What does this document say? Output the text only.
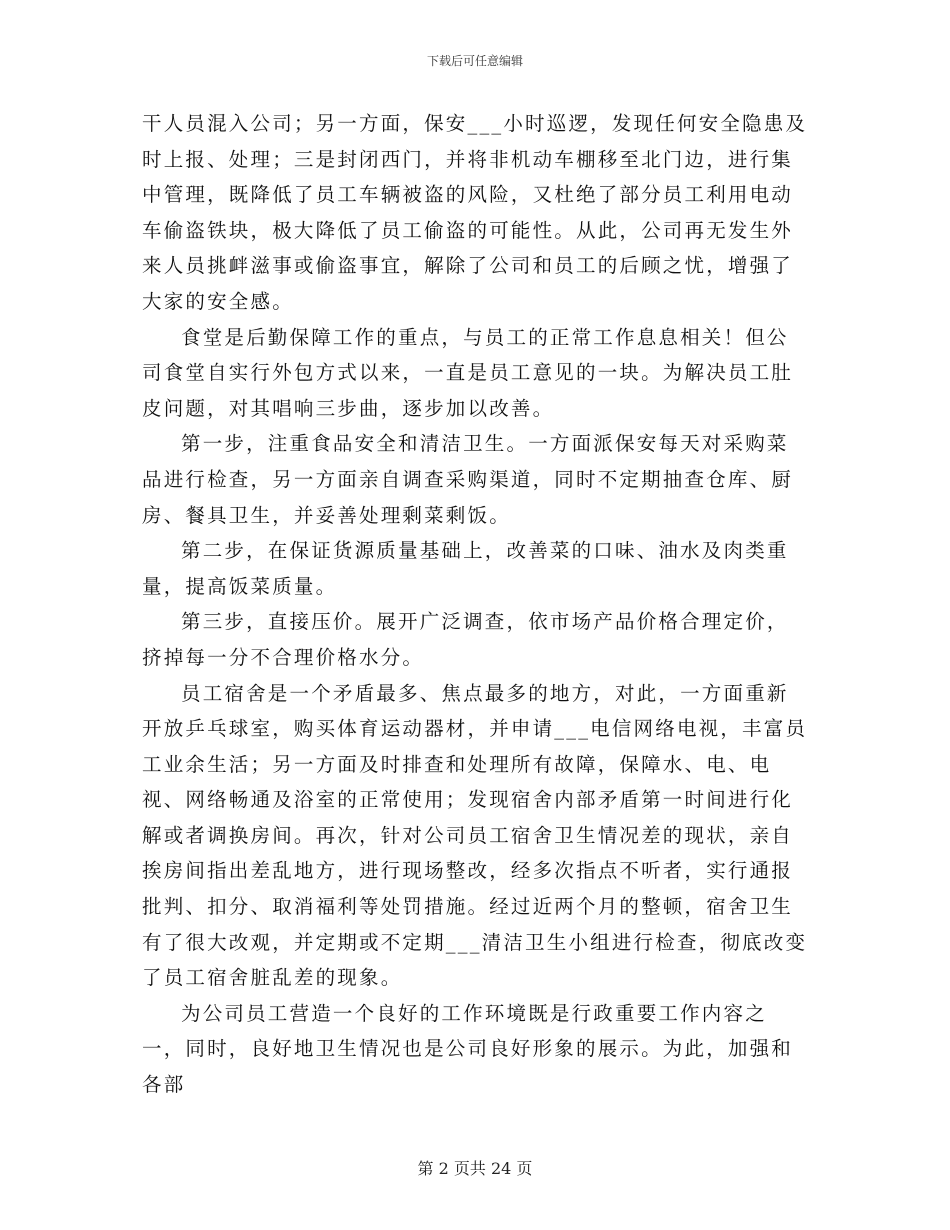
下载后可任意编辑

干人员混入公司；另一方面，保安___小时巡逻，发现任何安全隐患及时上报、处理；三是封闭西门，并将非机动车棚移至北门边，进行集中管理，既降低了员工车辆被盗的风险，又杜绝了部分员工利用电动车偷盗铁块，极大降低了员工偷盗的可能性。从此，公司再无发生外来人员挑衅滋事或偷盗事宜，解除了公司和员工的后顾之忧，增强了大家的安全感。

食堂是后勤保障工作的重点，与员工的正常工作息息相关！但公司食堂自实行外包方式以来，一直是员工意见的一块。为解决员工肚皮问题，对其唱响三步曲，逐步加以改善。

第一步，注重食品安全和清洁卫生。一方面派保安每天对采购菜品进行检查，另一方面亲自调查采购渠道，同时不定期抽查仓库、厨房、餐具卫生，并妥善处理剩菜剩饭。

第二步，在保证货源质量基础上，改善菜的口味、油水及肉类重量，提高饭菜质量。

第三步，直接压价。展开广泛调查，依市场产品价格合理定价，挤掉每一分不合理价格水分。

员工宿舍是一个矛盾最多、焦点最多的地方，对此，一方面重新开放乒乓球室，购买体育运动器材，并申请___电信网络电视，丰富员工业余生活；另一方面及时排查和处理所有故障，保障水、电、电视、网络畅通及浴室的正常使用；发现宿舍内部矛盾第一时间进行化解或者调换房间。再次，针对公司员工宿舍卫生情况差的现状，亲自挨房间指出差乱地方，进行现场整改，经多次指点不听者，实行通报批判、扣分、取消福利等处罚措施。经过近两个月的整顿，宿舍卫生有了很大改观，并定期或不定期___清洁卫生小组进行检查，彻底改变了员工宿舍脏乱差的现象。

为公司员工营造一个良好的工作环境既是行政重要工作内容之一，同时，良好地卫生情况也是公司良好形象的展示。为此，加强和各部

第 2 页共 24 页
